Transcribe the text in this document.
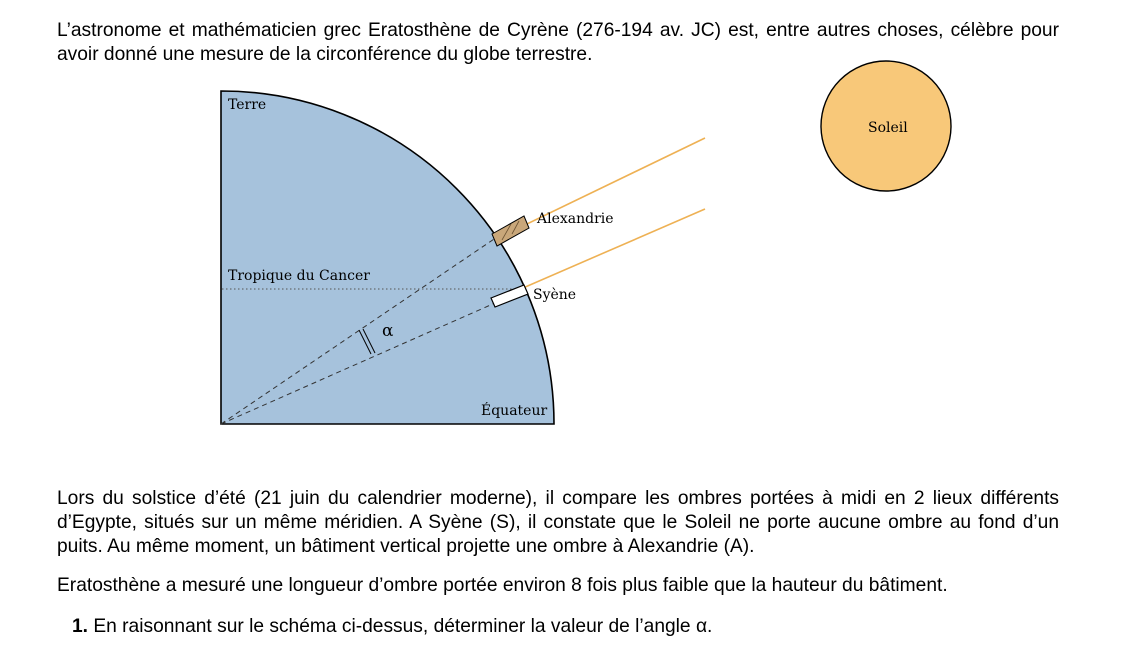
L’astronome et mathématicien grec Eratosthène de Cyrène (276-194 av. JC) est, entre autres choses, célèbre pour avoir donné une mesure de la circonférence du globe terrestre.

α
Terre
Tropique du Cancer
Équateur
Alexandrie
Syène
Soleil

Lors du solstice d’été (21 juin du calendrier moderne), il compare les ombres portées à midi en 2 lieux différents d’Egypte, situés sur un même méridien. A Syène (S), il constate que le Soleil ne porte aucune ombre au fond d’un puits. Au même moment, un bâtiment vertical projette une ombre à Alexandrie (A).

Eratosthène a mesuré une longueur d’ombre portée environ 8 fois plus faible que la hauteur du bâtiment.

1. En raisonnant sur le schéma ci-dessus, déterminer la valeur de l’angle α.
